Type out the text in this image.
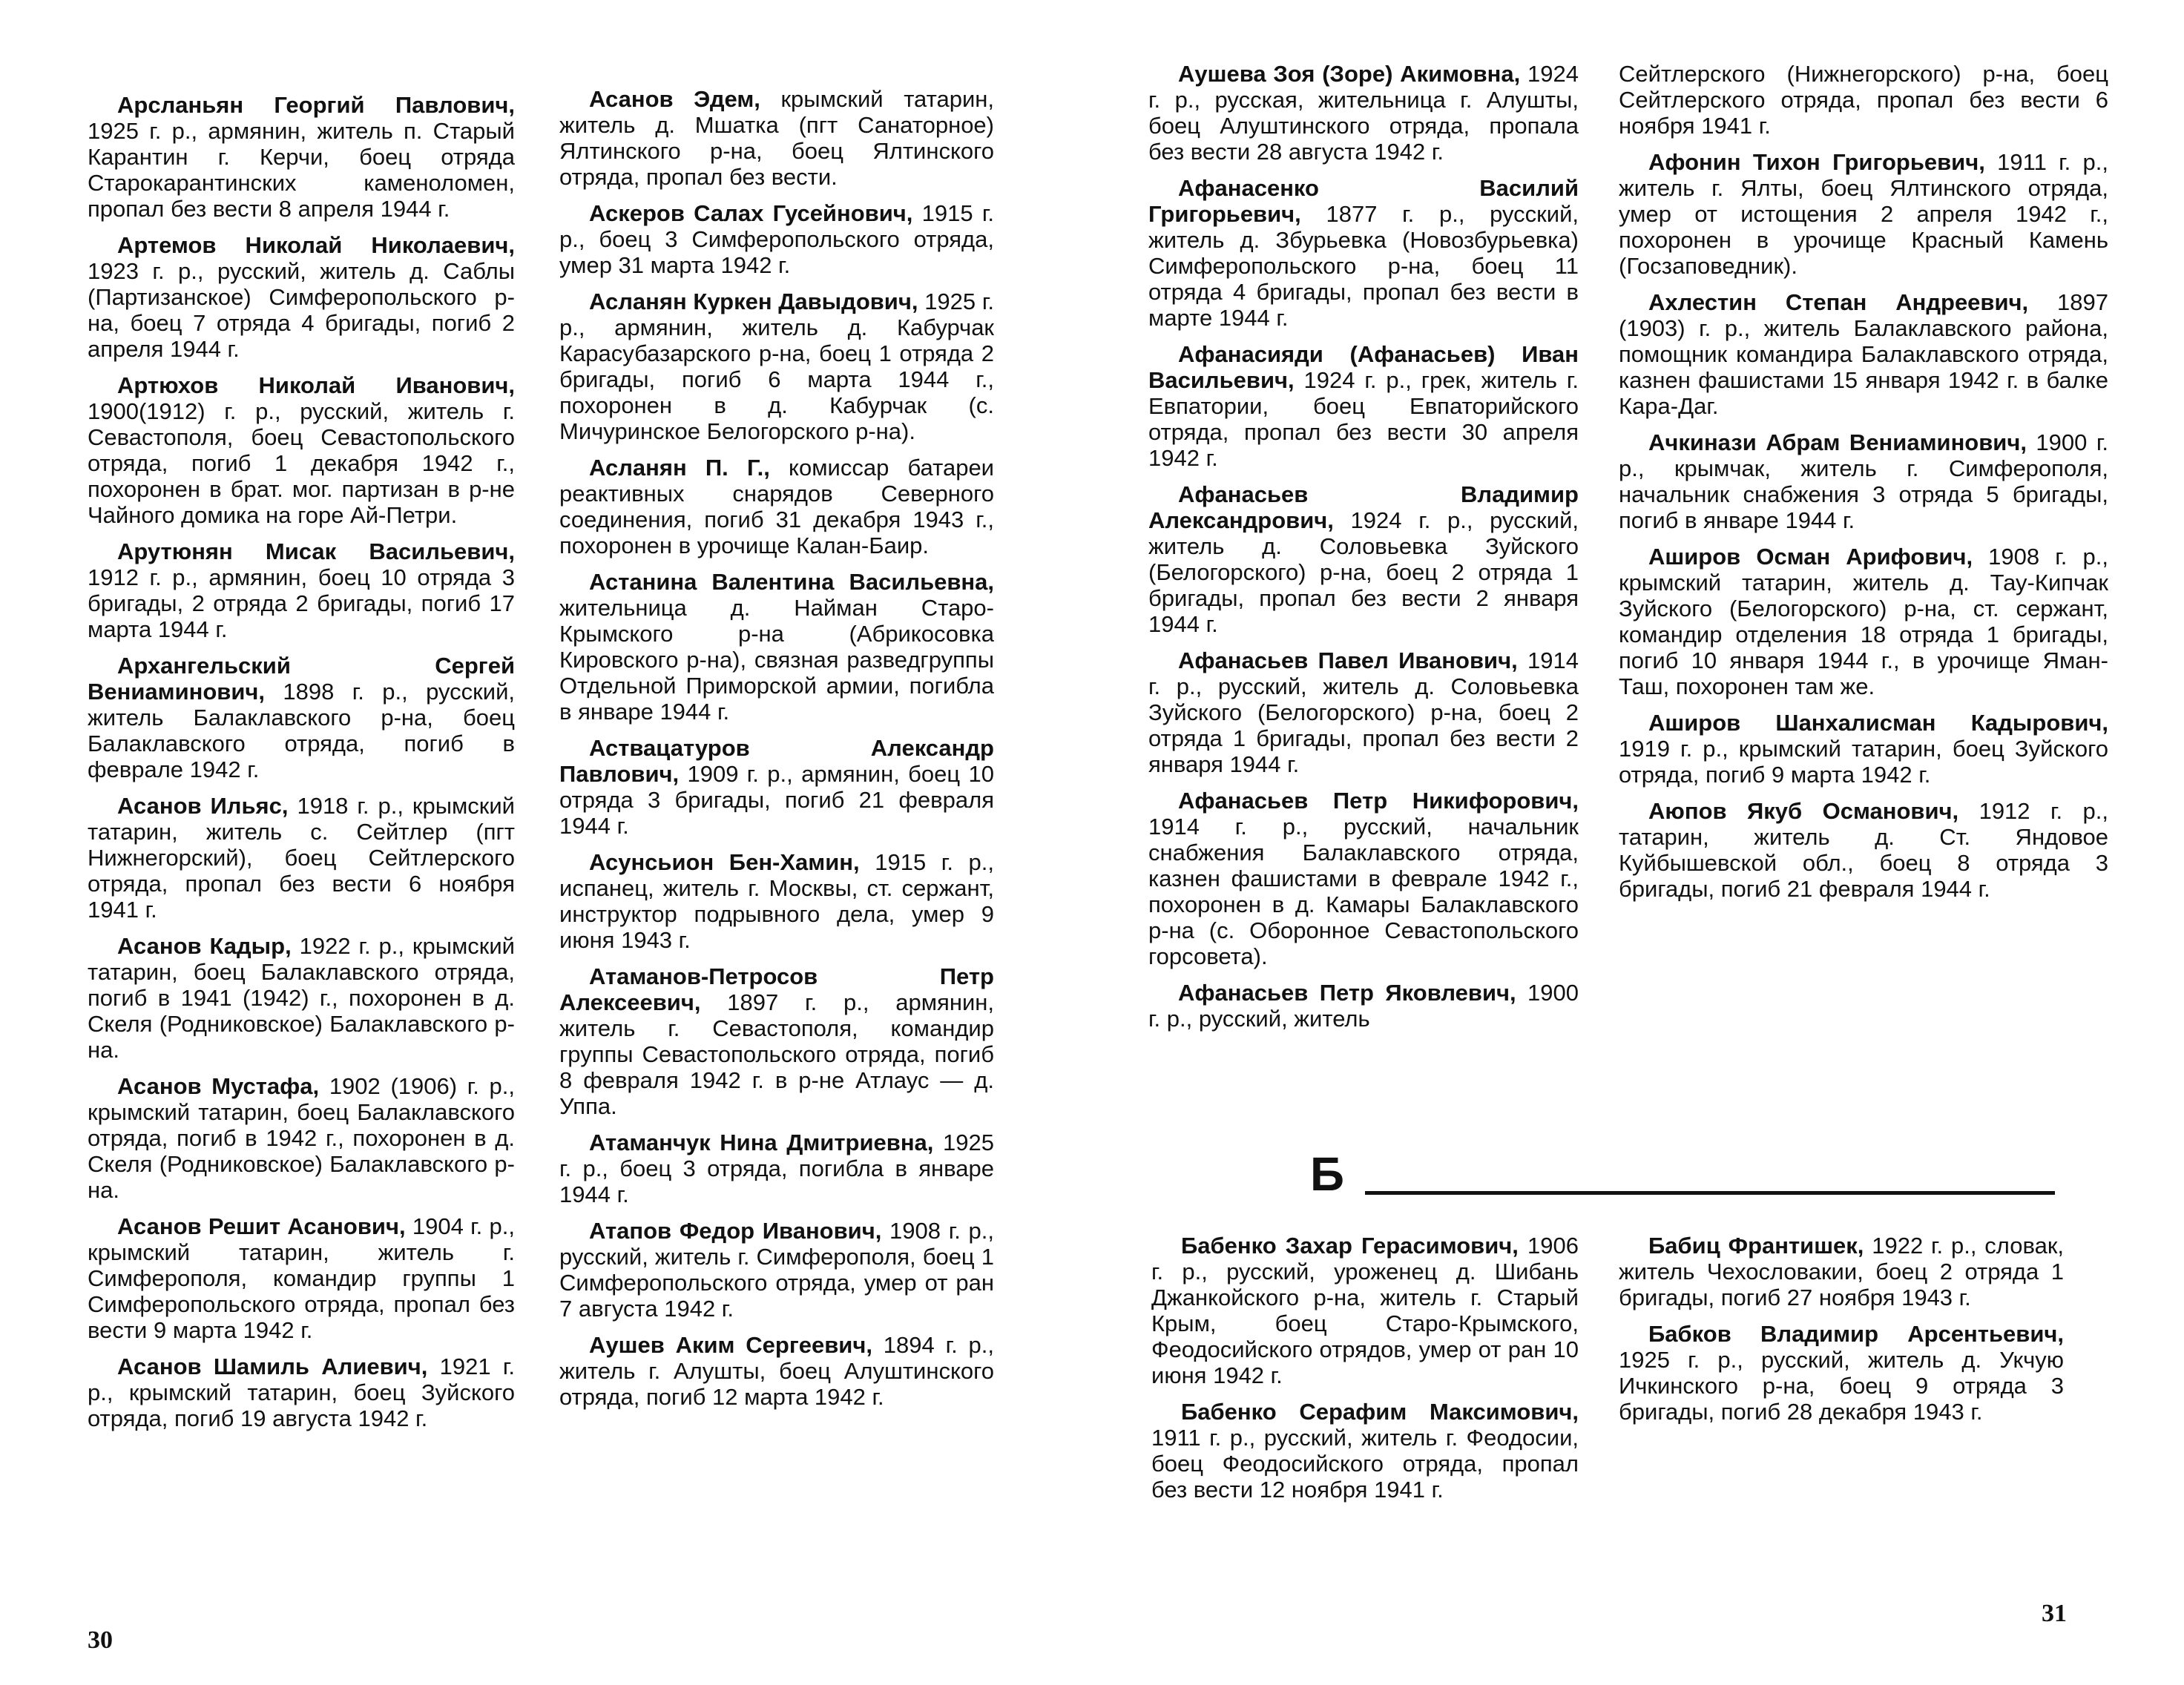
Арсланьян Георгий Павлович, 1925 г. р., армянин, житель п. Старый Карантин г. Керчи, боец отряда Старокарантинских каменоломен, пропал без вести 8 апреля 1944 г.

Артемов Николай Николаевич, 1923 г. р., русский, житель д. Саблы (Партизанское) Симферопольского р-на, боец 7 отряда 4 бригады, погиб 2 апреля 1944 г.

Артюхов Николай Иванович, 1900(1912) г. р., русский, житель г. Севастополя, боец Севастопольского отряда, погиб 1 декабря 1942 г., похоронен в брат. мог. партизан в р-не Чайного домика на горе Ай-Петри.

Арутюнян Мисак Васильевич, 1912 г. р., армянин, боец 10 отряда 3 бригады, 2 отряда 2 бригады, погиб 17 марта 1944 г.

Архангельский Сергей Вениаминович, 1898 г. р., русский, житель Балаклавского р-на, боец Балаклавского отряда, погиб в феврале 1942 г.

Асанов Ильяс, 1918 г. р., крымский татарин, житель с. Сейтлер (пгт Нижнегорский), боец Сейтлерского отряда, пропал без вести 6 ноября 1941 г.

Асанов Кадыр, 1922 г. р., крымский татарин, боец Балаклавского отряда, погиб в 1941 (1942) г., похоронен в д. Скеля (Родниковское) Балаклавского р-на.

Асанов Мустафа, 1902 (1906) г. р., крымский татарин, боец Балаклавского отряда, погиб в 1942 г., похоронен в д. Скеля (Родниковское) Балаклавского р-на.

Асанов Решит Асанович, 1904 г. р., крымский татарин, житель г. Симферополя, командир группы 1 Симферопольского отряда, пропал без вести 9 марта 1942 г.

Асанов Шамиль Алиевич, 1921 г. р., крымский татарин, боец Зуйского отряда, погиб 19 августа 1942 г.

Асанов Эдем, крымский татарин, житель д. Мшатка (пгт Санаторное) Ялтинского р-на, боец Ялтинского отряда, пропал без вести.

Аскеров Салах Гусейнович, 1915 г. р., боец 3 Симферопольского отряда, умер 31 марта 1942 г.

Асланян Куркен Давыдович, 1925 г. р., армянин, житель д. Кабурчак Карасубазарского р-на, боец 1 отряда 2 бригады, погиб 6 марта 1944 г., похоронен в д. Кабурчак (с. Мичуринское Белогорского р-на).

Асланян П. Г., комиссар батареи реактивных снарядов Северного соединения, погиб 31 декабря 1943 г., похоронен в урочище Калан-Баир.

Астанина Валентина Васильевна, жительница д. Найман Старо-Крымского р-на (Абрикосовка Кировского р-на), связная разведгруппы Отдельной Приморской армии, погибла в январе 1944 г.

Аствацатуров Александр Павлович, 1909 г. р., армянин, боец 10 отряда 3 бригады, погиб 21 февраля 1944 г.

Асунсьион Бен-Хамин, 1915 г. р., испанец, житель г. Москвы, ст. сержант, инструктор подрывного дела, умер 9 июня 1943 г.

Атаманов-Петросов Петр Алексеевич, 1897 г. р., армянин, житель г. Севастополя, командир группы Севастопольского отряда, погиб 8 февраля 1942 г. в р-не Атлаус — д. Уппа.

Атаманчук Нина Дмитриевна, 1925 г. р., боец 3 отряда, погибла в январе 1944 г.

Атапов Федор Иванович, 1908 г. р., русский, житель г. Симферополя, боец 1 Симферопольского отряда, умер от ран 7 августа 1942 г.

Аушев Аким Сергеевич, 1894 г. р., житель г. Алушты, боец Алуштинского отряда, погиб 12 марта 1942 г.

30

Аушева Зоя (Зоре) Акимовна, 1924 г. р., русская, жительница г. Алушты, боец Алуштинского отряда, пропала без вести 28 августа 1942 г.

Афанасенко Василий Григорьевич, 1877 г. р., русский, житель д. Збурьевка (Новозбурьевка) Симферопольского р-на, боец 11 отряда 4 бригады, пропал без вести в марте 1944 г.

Афанасияди (Афанасьев) Иван Васильевич, 1924 г. р., грек, житель г. Евпатории, боец Евпаторийского отряда, пропал без вести 30 апреля 1942 г.

Афанасьев Владимир Александрович, 1924 г. р., русский, житель д. Соловьевка Зуйского (Белогорского) р-на, боец 2 отряда 1 бригады, пропал без вести 2 января 1944 г.

Афанасьев Павел Иванович, 1914 г. р., русский, житель д. Соловьевка Зуйского (Белогорского) р-на, боец 2 отряда 1 бригады, пропал без вести 2 января 1944 г.

Афанасьев Петр Никифорович, 1914 г. р., русский, начальник снабжения Балаклавского отряда, казнен фашистами в феврале 1942 г., похоронен в д. Камары Балаклавского р-на (с. Оборонное Севастопольского горсовета).

Афанасьев Петр Яковлевич, 1900 г. р., русский, житель

Сейтлерского (Нижнегорского) р-на, боец Сейтлерского отряда, пропал без вести 6 ноября 1941 г.

Афонин Тихон Григорьевич, 1911 г. р., житель г. Ялты, боец Ялтинского отряда, умер от истощения 2 апреля 1942 г., похоронен в урочище Красный Камень (Госзаповедник).

Ахлестин Степан Андреевич, 1897 (1903) г. р., житель Балаклавского района, помощник командира Балаклавского отряда, казнен фашистами 15 января 1942 г. в балке Кара-Даг.

Ачкинази Абрам Вениаминович, 1900 г. р., крымчак, житель г. Симферополя, начальник снабжения 3 отряда 5 бригады, погиб в январе 1944 г.

Аширов Осман Арифович, 1908 г. р., крымский татарин, житель д. Тау-Кипчак Зуйского (Белогорского) р-на, ст. сержант, командир отделения 18 отряда 1 бригады, погиб 10 января 1944 г., в урочище Яман-Таш, похоронен там же.

Аширов Шанхалисман Кадырович, 1919 г. р., крымский татарин, боец Зуйского отряда, погиб 9 марта 1942 г.

Аюпов Якуб Османович, 1912 г. р., татарин, житель д. Ст. Яндовое Куйбышевской обл., боец 8 отряда 3 бригады, погиб 21 февраля 1944 г.

Бабенко Захар Герасимович, 1906 г. р., русский, уроженец д. Шибань Джанкойского р-на, житель г. Старый Крым, боец Старо-Крымского, Феодосийского отрядов, умер от ран 10 июня 1942 г.

Бабенко Серафим Максимович, 1911 г. р., русский, житель г. Феодосии, боец Феодосийского отряда, пропал без вести 12 ноября 1941 г.

Бабиц Франтишек, 1922 г. р., словак, житель Чехословакии, боец 2 отряда 1 бригады, погиб 27 ноября 1943 г.

Бабков Владимир Арсентьевич, 1925 г. р., русский, житель д. Укчую Ичкинского р-на, боец 9 отряда 3 бригады, погиб 28 декабря 1943 г.

31
Б
